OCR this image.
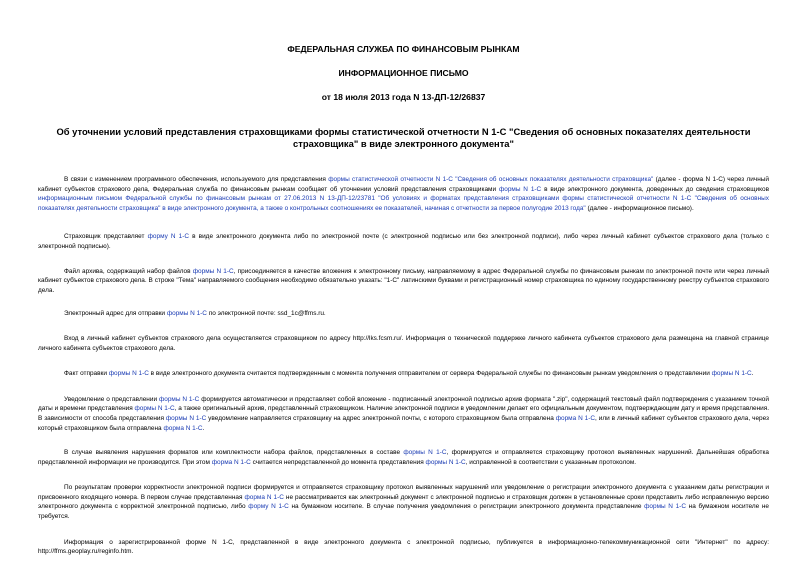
ФЕДЕРАЛЬНАЯ СЛУЖБА ПО ФИНАНСОВЫМ РЫНКАМ

ИНФОРМАЦИОННОЕ ПИСЬМО

от 18 июля 2013 года N 13-ДП-12/26837

Об уточнении условий представления страховщиками формы статистической отчетности N 1-С "Сведения об основных показателях деятельности страховщика" в виде электронного документа"

В связи с изменением программного обеспечения, используемого для представления формы статистической отчетности N 1-С "Сведения об основных показателях деятельности страховщика" (далее - форма N 1-С) через личный кабинет субъектов страхового дела, Федеральная служба по финансовым рынкам сообщает об уточнении условий представления страховщиками формы N 1-С в виде электронного документа, доведенных до сведения страховщиков информационным письмом Федеральной службы по финансовым рынкам от 27.06.2013 N 13-ДП-12/23781 "Об условиях и форматах представления страховщиками формы статистической отчетности N 1-С "Сведения об основных показателях деятельности страховщика" в виде электронного документа, а также о контрольных соотношениях ее показателей, начиная с отчетности за первое полугодие 2013 года" (далее - информационное письмо).

Страховщик представляет форму N 1-С в виде электронного документа либо по электронной почте (с электронной подписью или без электронной подписи), либо через личный кабинет субъектов страхового дела (только с электронной подписью).

Файл архива, содержащий набор файлов формы N 1-С, присоединяется в качестве вложения к электронному письму, направляемому в адрес Федеральной службы по финансовым рынкам по электронной почте или через личный кабинет субъектов страхового дела. В строке "Тема" направляемого сообщения необходимо обязательно указать: "1-С" латинскими буквами и регистрационный номер страховщика по единому государственному реестру субъектов страхового дела.

Электронный адрес для отправки формы N 1-С по электронной почте: ssd_1c@ffms.ru.

Вход в личный кабинет субъектов страхового дела осуществляется страховщиком по адресу http://lks.fcsm.ru/. Информация о технической поддержке личного кабинета субъектов страхового дела размещена на главной странице личного кабинета субъектов страхового дела.

Факт отправки формы N 1-С в виде электронного документа считается подтвержденным с момента получения отправителем от сервера Федеральной службы по финансовым рынкам уведомления о представлении формы N 1-С.

Уведомление о представлении формы N 1-С формируется автоматически и представляет собой вложение - подписанный электронной подписью архив формата ".zip", содержащий текстовый файл подтверждения с указанием точной даты и времени представления формы N 1-С, а также оригинальный архив, представленный страховщиком. Наличие электронной подписи в уведомлении делает его официальным документом, подтверждающим дату и время представления. В зависимости от способа представления формы N 1-С уведомление направляется страховщику на адрес электронной почты, с которого страховщиком была отправлена форма N 1-С, или в личный кабинет субъектов страхового дела, через который страховщиком была отправлена форма N 1-С.

В случае выявления нарушения форматов или комплектности набора файлов, представленных в составе формы N 1-С, формируется и отправляется страховщику протокол выявленных нарушений. Дальнейшая обработка представленной информации не производится. При этом форма N 1-С считается непредставленной до момента представления формы N 1-С, исправленной в соответствии с указанным протоколом.

По результатам проверки корректности электронной подписи формируется и отправляется страховщику протокол выявленных нарушений или уведомление о регистрации электронного документа с указанием даты регистрации и присвоенного входящего номера. В первом случае представленная форма N 1-С не рассматривается как электронный документ с электронной подписью и страховщик должен в установленные сроки представить либо исправленную версию электронного документа с корректной электронной подписью, либо форму N 1-С на бумажном носителе. В случае получения уведомления о регистрации электронного документа представление формы N 1-С на бумажном носителе не требуется.

Информация о зарегистрированной форме N 1-С, представленной в виде электронного документа с электронной подписью, публикуется в информационно-телекоммуникационной сети "Интернет" по адресу: http://ffms.geoplay.ru/reginfo.htm.
